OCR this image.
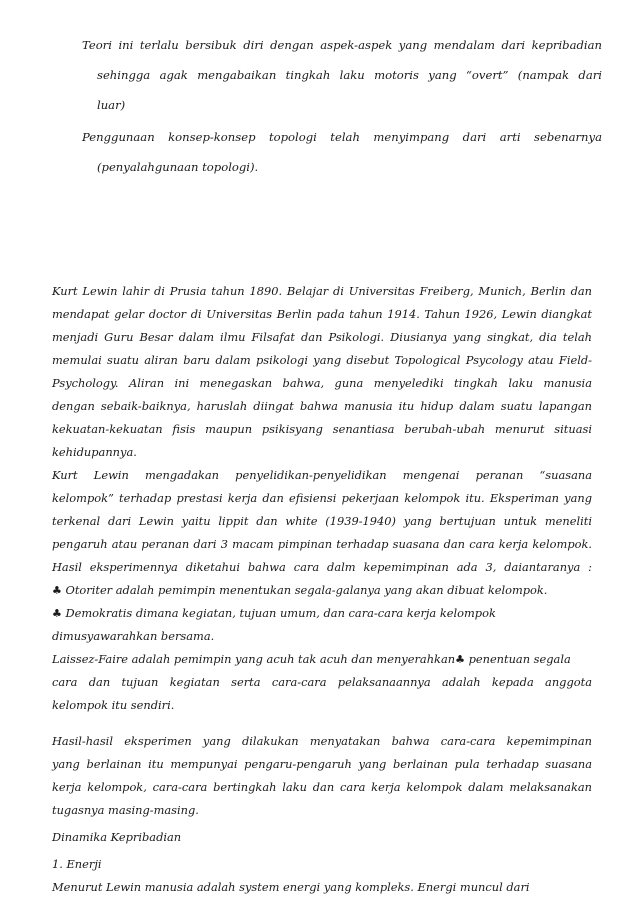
Teori ini terlalu bersibuk diri dengan aspek-aspek yang mendalam dari kepribadian
sehingga agak mengabaikan tingkah laku motoris yang “overt” (nampak dari
luar)
Penggunaan konsep-konsep topologi telah menyimpang dari arti sebenarnya
(penyalahgunaan topologi).
Kurt Lewin lahir di Prusia tahun 1890. Belajar di Universitas Freiberg, Munich, Berlin dan
mendapat gelar doctor di Universitas Berlin pada tahun 1914. Tahun 1926, Lewin diangkat
menjadi Guru Besar dalam ilmu Filsafat dan Psikologi. Diusianya yang singkat, dia telah
memulai suatu aliran baru dalam psikologi yang disebut Topological Psycology atau Field-
Psychology. Aliran ini menegaskan bahwa, guna menyelediki tingkah laku manusia
dengan sebaik-baiknya, haruslah diingat bahwa manusia itu hidup dalam suatu lapangan
kekuatan-kekuatan fisis maupun psikisyang senantiasa berubah-ubah menurut situasi
kehidupannya.
Kurt Lewin mengadakan penyelidikan-penyelidikan mengenai peranan “suasana
kelompok” terhadap prestasi kerja dan efisiensi pekerjaan kelompok itu. Eksperiman yang
terkenal dari Lewin yaitu lippit dan white (1939-1940) yang bertujuan untuk meneliti
pengaruh atau peranan dari 3 macam pimpinan terhadap suasana dan cara kerja kelompok.
Hasil eksperimennya diketahui bahwa cara dalm kepemimpinan ada 3, daiantaranya :
♣ Otoriter adalah pemimpin menentukan segala-galanya yang akan dibuat kelompok.
♣ Demokratis dimana kegiatan, tujuan umum, dan cara-cara kerja kelompok
dimusyawarahkan bersama.
Laissez-Faire adalah pemimpin yang acuh tak acuh dan menyerahkan♣ penentuan segala
cara dan tujuan kegiatan serta cara-cara pelaksanaannya adalah kepada anggota
kelompok itu sendiri.
Hasil-hasil eksperimen yang dilakukan menyatakan bahwa cara-cara kepemimpinan
yang berlainan itu mempunyai pengaru-pengaruh yang berlainan pula terhadap suasana
kerja kelompok, cara-cara bertingkah laku dan cara kerja kelompok dalam melaksanakan
tugasnya masing-masing.
Dinamika Kepribadian
1. Enerji
Menurut Lewin manusia adalah system energi yang kompleks. Energi muncul dari
